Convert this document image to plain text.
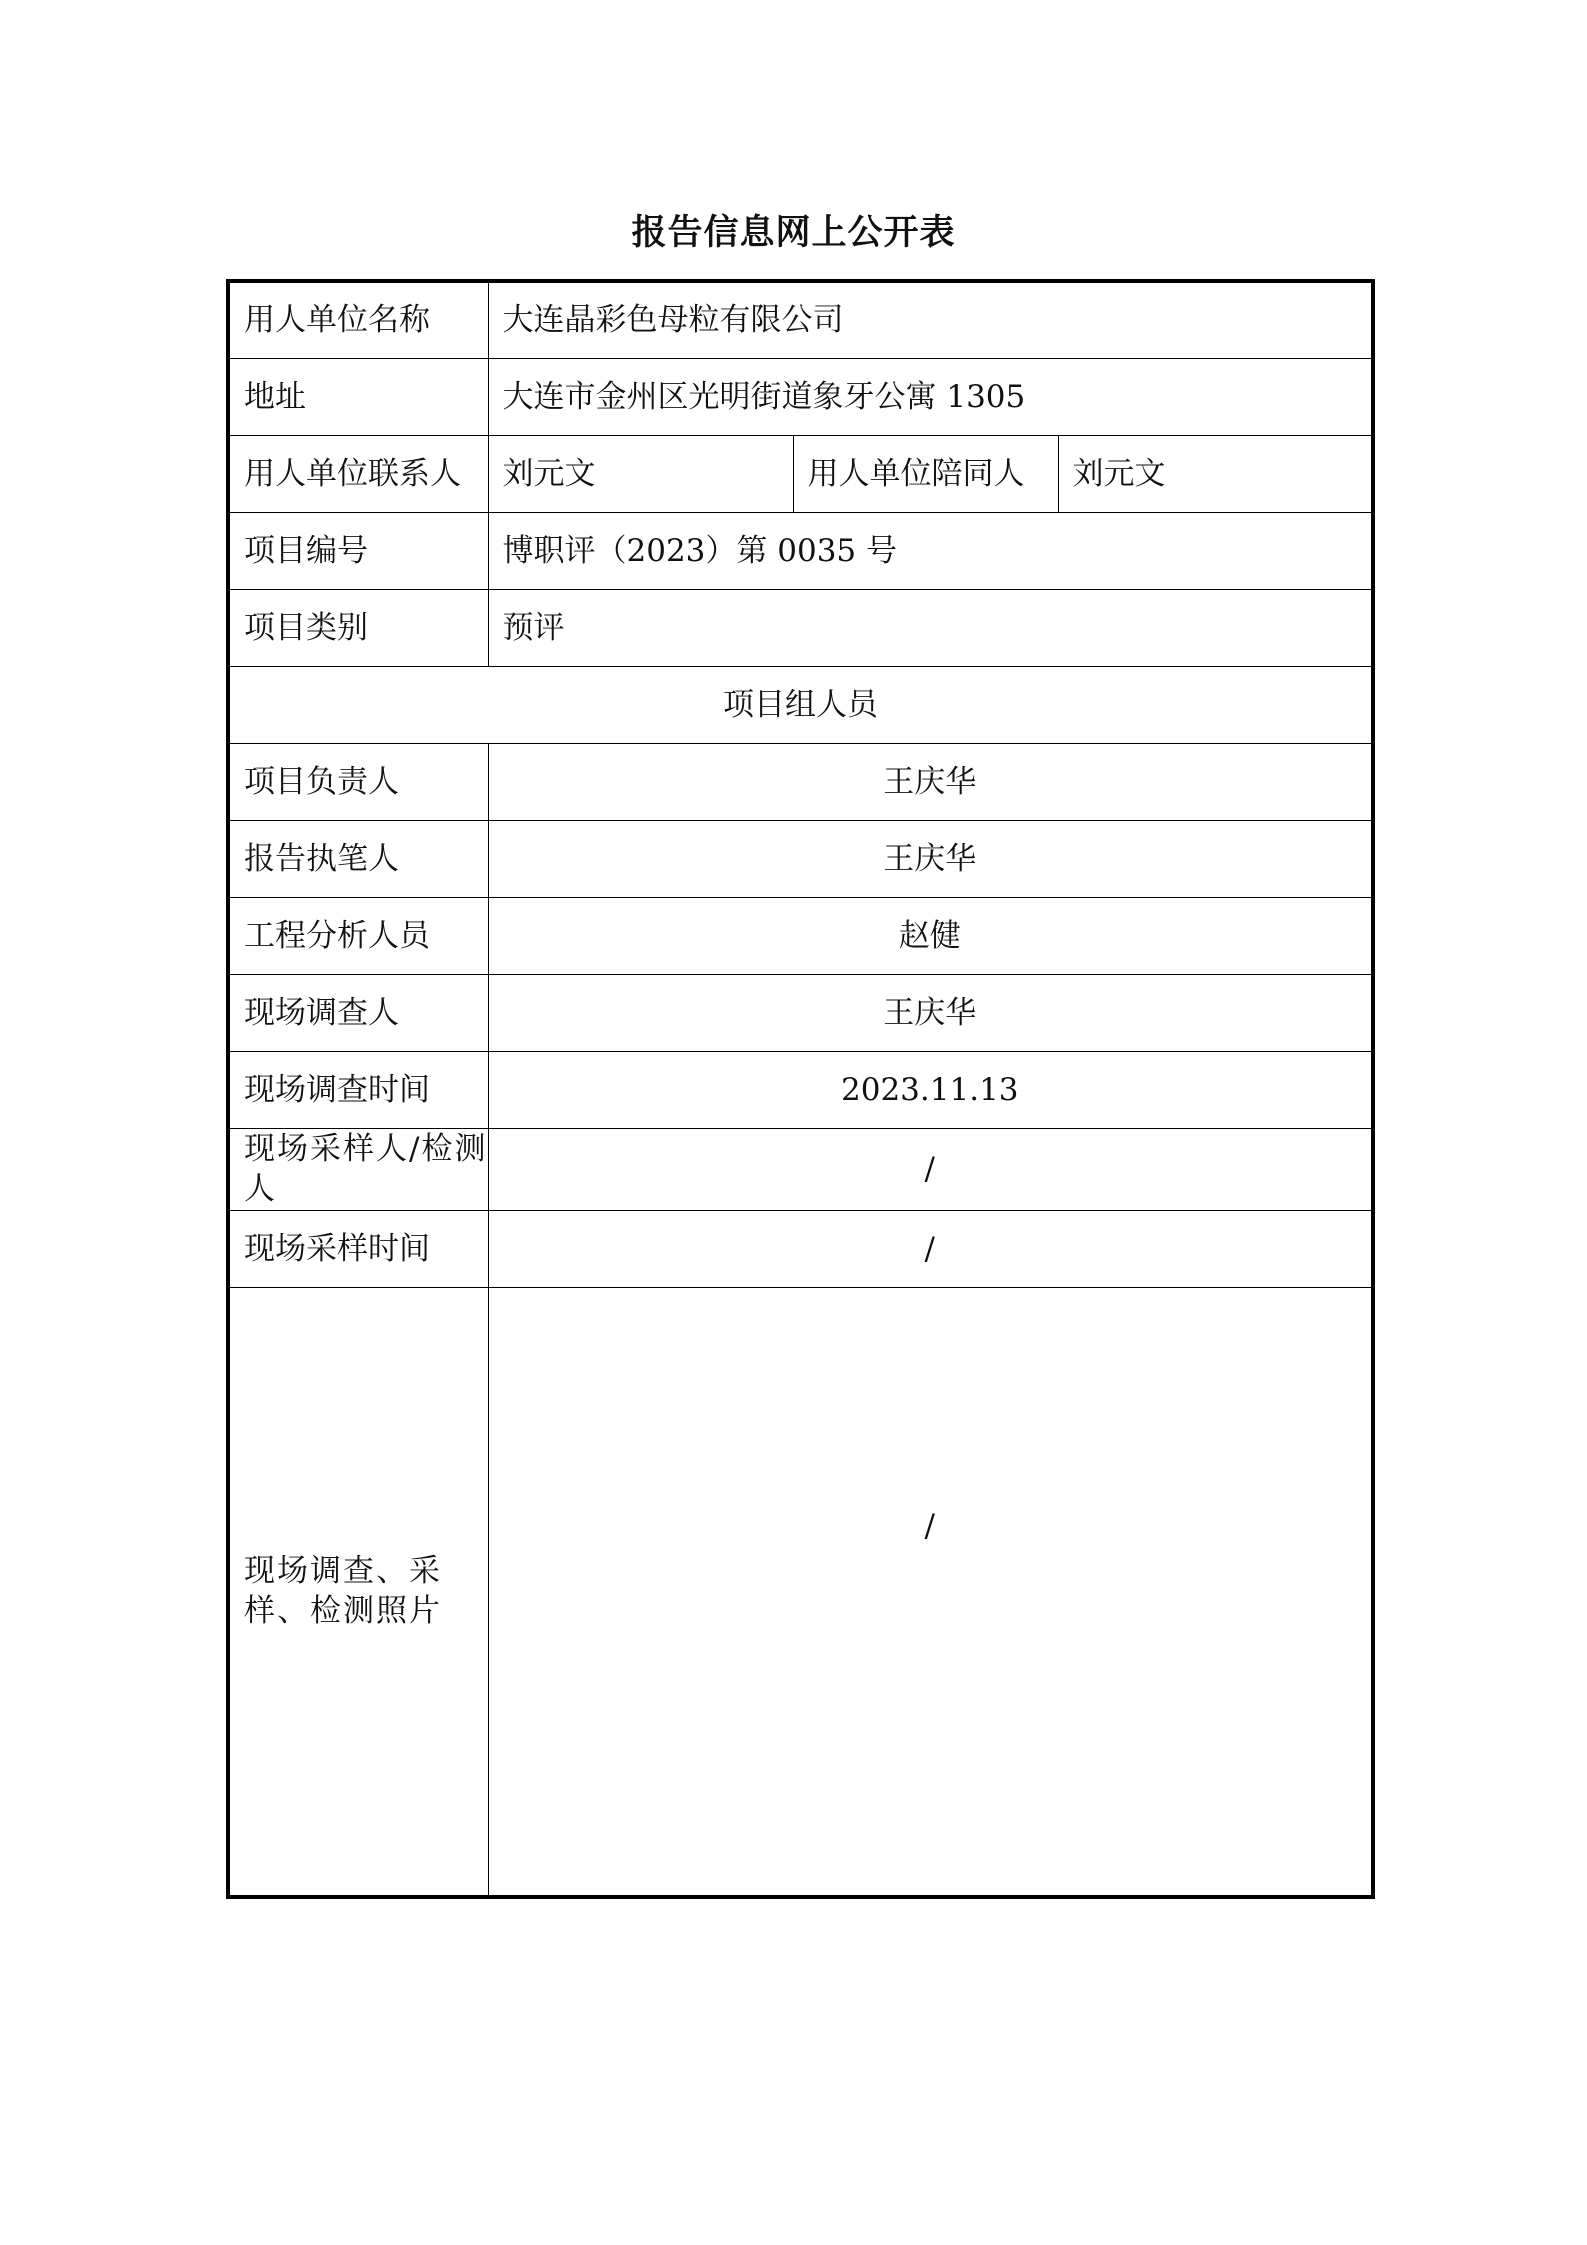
报告信息网上公开表
用人单位名称	大连晶彩色母粒有限公司		
地址	大连市金州区光明街道象牙公寓 1305		
用人单位联系人	刘元文	用人单位陪同人	刘元文
项目编号	博职评（2023）第 0035 号		
项目类别	预评		
项目组人员			
项目负责人	王庆华		
报告执笔人	王庆华		
工程分析人员	赵健		
现场调查人	王庆华		
现场调查时间	2023.11.13		
现场采样人/检测人	/		
现场采样时间	/		
现场调查、采样、检测照片	/		
